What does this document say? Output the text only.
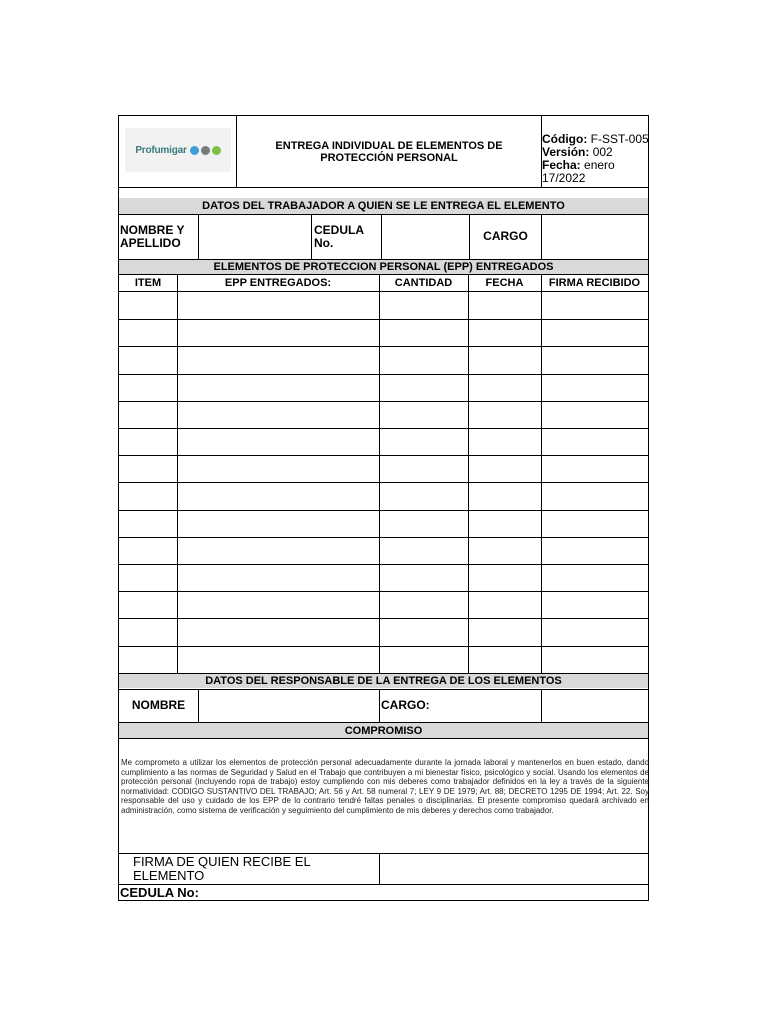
Profumigar	ENTREGA INDIVIDUAL DE ELEMENTOS DE PROTECCIÓN PERSONAL
Código: F-SST-005
Versión: 002
Fecha: enero 17/2022
DATOS DEL TRABAJADOR A QUIEN SE LE ENTREGA EL ELEMENTO
NOMBRE Y APELLIDO
CEDULA No.	CARGO
ELEMENTOS DE PROTECCION PERSONAL (EPP) ENTREGADOS
ITEM	EPP ENTREGADOS:	CANTIDAD	FECHA	FIRMA RECIBIDO
DATOS DEL RESPONSABLE DE LA ENTREGA DE LOS ELEMENTOS
NOMBRE	CARGO:
COMPROMISO
Me comprometo a utilizar los elementos de protección personal adecuadamente durante la jornada laboral y mantenerlos en buen estado, dando cumplimiento a las normas de Seguridad y Salud en el Trabajo que contribuyen a mi bienestar físico, psicológico y social. Usando los elementos de protección personal (incluyendo ropa de trabajo) estoy cumpliendo con mis deberes como trabajador definidos en la ley a través de la siguiente normatividad: CODIGO SUSTANTIVO DEL TRABAJO; Art. 56 y Art. 58 numeral 7; LEY 9 DE 1979; Art. 88; DECRETO 1295 DE 1994; Art. 22. Soy responsable del uso y cuidado de los EPP de lo contrario tendré faltas penales o disciplinarias. El presente compromiso quedará archivado en administración, como sistema de verificación y seguimiento del cumplimiento de mis deberes y derechos como trabajador.
FIRMA DE QUIEN RECIBE EL ELEMENTO
CEDULA No:
